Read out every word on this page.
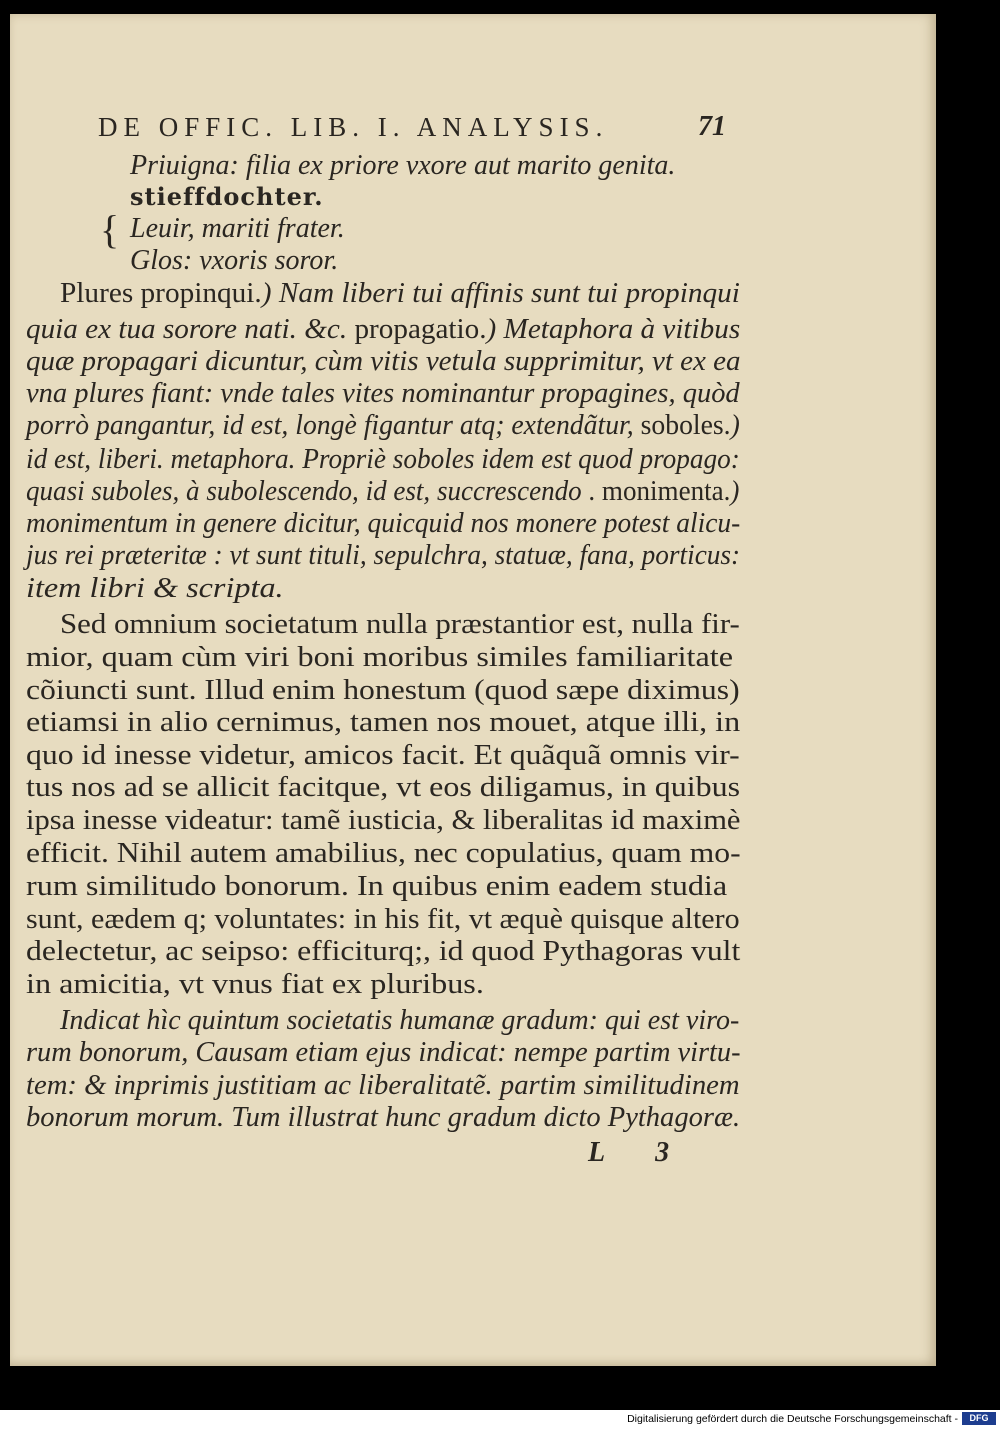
DE OFFIC. LIB. I. ANALYSIS.	71
{
Priuigna: filia ex priore vxore aut marito genita.
stieffdochter.
Leuir, mariti frater.
Glos: vxoris soror.
Plures propinqui.) Nam liberi tui affinis sunt tui propinqui
quia ex tua sorore nati. &c. propagatio.) Metaphora à vitibus
quæ propagari dicuntur, cùm vitis vetula supprimitur, vt ex ea
vna plures fiant: vnde tales vites nominantur propagines, quòd
porrò pangantur, id est, longè figantur atq; extendãtur, soboles.)
id est, liberi. metaphora. Propriè soboles idem est quod propago:
quasi suboles, à subolescendo, id est, succrescendo . monimenta.)
monimentum in genere dicitur, quicquid nos monere potest alicu-
jus rei præteritæ : vt sunt tituli, sepulchra, statuæ, fana, porticus:
item libri & scripta.
Sed omnium societatum nulla præstantior est, nulla fir-
mior, quam cùm viri boni moribus similes familiaritate
cõiuncti sunt. Illud enim honestum (quod sæpe diximus)
etiamsi in alio cernimus, tamen nos mouet, atque illi, in
quo id inesse videtur, amicos facit. Et quãquã omnis vir-
tus nos ad se allicit facitque, vt eos diligamus, in quibus
ipsa inesse videatur: tamẽ iusticia, & liberalitas id maximè
efficit. Nihil autem amabilius, nec copulatius, quam mo-
rum similitudo bonorum. In quibus enim eadem studia
sunt, eædem q; voluntates: in his fit, vt æquè quisque altero
delectetur, ac seipso: efficiturq;, id quod Pythagoras vult
in amicitia, vt vnus fiat ex pluribus.
Indicat hìc quintum societatis humanæ gradum: qui est viro-
rum bonorum, Causam etiam ejus indicat: nempe partim virtu-
tem: & inprimis justitiam ac liberalitatẽ. partim similitudinem
bonorum morum. Tum illustrat hunc gradum dicto Pythagoræ.
L 3
Digitalisierung gefördert durch die Deutsche Forschungsgemeinschaft -	DFG
